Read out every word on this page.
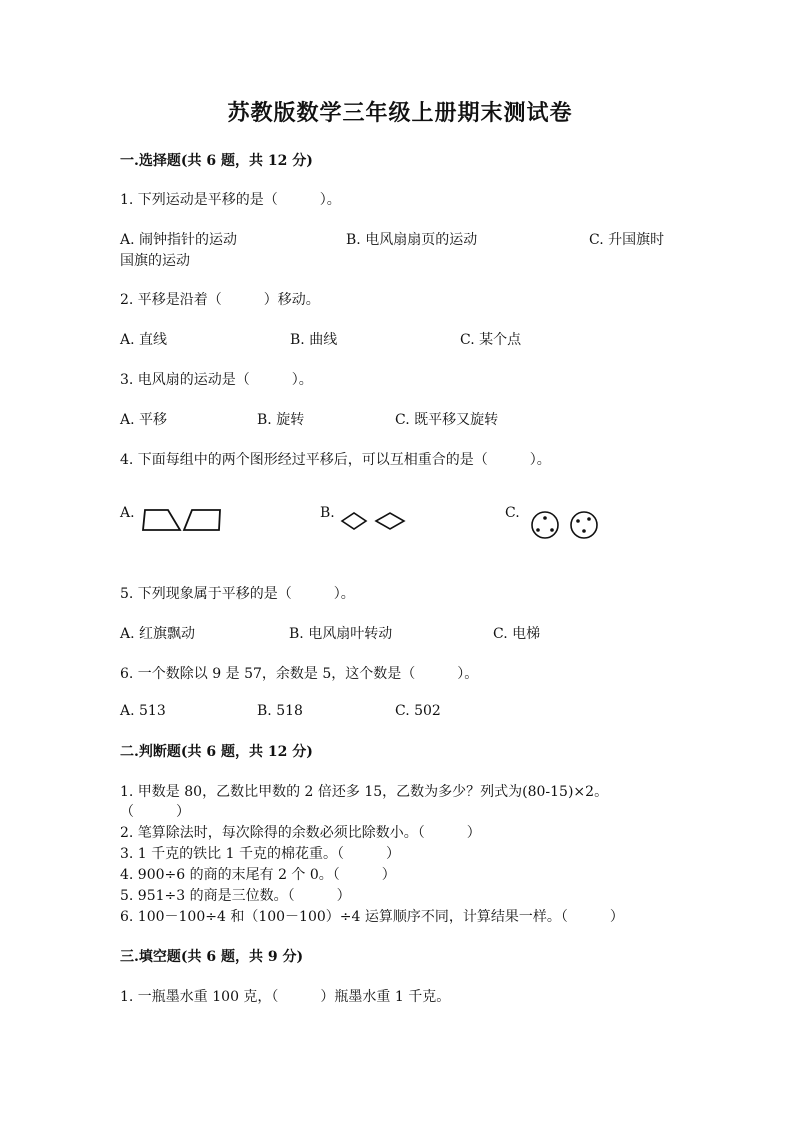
苏教版数学三年级上册期末测试卷
一.选择题(共 6 题，共 12 分)
1. 下列运动是平移的是（　　　）。
A. 闹钟指针的运动	B. 电风扇扇页的运动	C. 升国旗时
国旗的运动
2. 平移是沿着（　　　）移动。
A. 直线	B. 曲线	C. 某个点
3. 电风扇的运动是（　　　）。
A. 平移	B. 旋转	C. 既平移又旋转
4. 下面每组中的两个图形经过平移后，可以互相重合的是（　　　）。
A.	B.	C.
5. 下列现象属于平移的是（　　　）。
A. 红旗飘动	B. 电风扇叶转动	C. 电梯
6. 一个数除以 9 是 57，余数是 5，这个数是（　　　）。
A. 513	B. 518	C. 502
二.判断题(共 6 题，共 12 分)
1. 甲数是 80，乙数比甲数的 2 倍还多 15，乙数为多少？列式为(80-15)×2。
（　　　）
2. 笔算除法时，每次除得的余数必须比除数小。（　　　）
3. 1 千克的铁比 1 千克的棉花重。（　　　）
4. 900÷6 的商的末尾有 2 个 0。（　　　）
5. 951÷3 的商是三位数。（　　　）
6. 100－100÷4 和（100－100）÷4 运算顺序不同，计算结果一样。（　　　）
三.填空题(共 6 题，共 9 分)
1. 一瓶墨水重 100 克，（　　　）瓶墨水重 1 千克。
